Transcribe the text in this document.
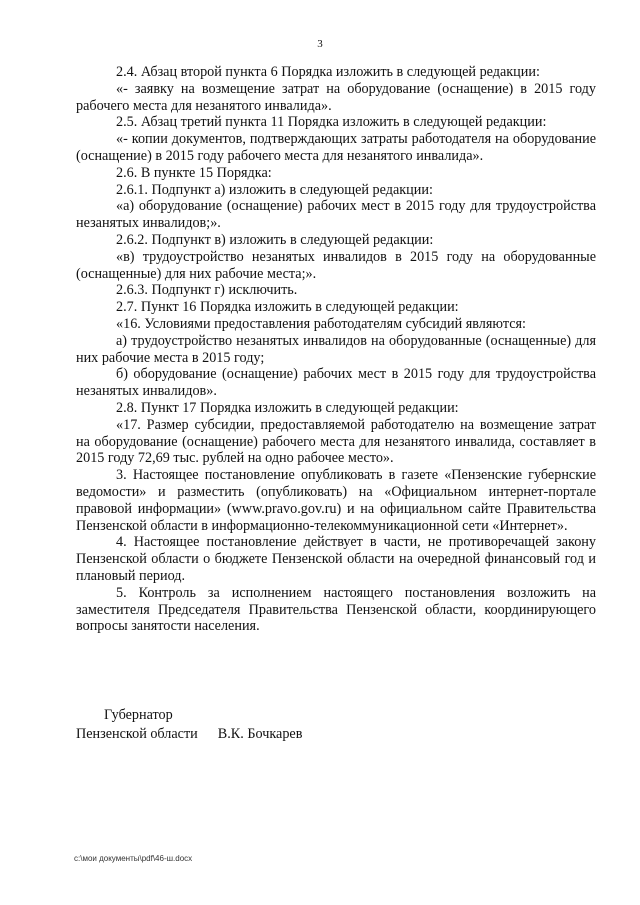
3

2.4. Абзац второй пункта 6 Порядка изложить в следующей редакции:

«- заявку на возмещение затрат на оборудование (оснащение) в 2015 году рабочего места для незанятого инвалида».

2.5. Абзац третий пункта 11 Порядка изложить в следующей редакции:

«- копии документов, подтверждающих затраты работодателя на оборудование (оснащение) в 2015 году рабочего места для незанятого инвалида».

2.6. В пункте 15 Порядка:

2.6.1. Подпункт а) изложить в следующей редакции:

«а) оборудование (оснащение) рабочих мест в 2015 году для трудоустройства незанятых инвалидов;».

2.6.2. Подпункт в) изложить в следующей редакции:

«в) трудоустройство незанятых инвалидов в 2015 году на оборудованные (оснащенные) для них рабочие места;».

2.6.3. Подпункт г) исключить.

2.7. Пункт 16 Порядка изложить в следующей редакции:

«16. Условиями предоставления работодателям субсидий являются:

а) трудоустройство незанятых инвалидов на оборудованные (оснащенные) для них рабочие места в 2015 году;

б) оборудование (оснащение) рабочих мест в 2015 году для трудоустройства незанятых инвалидов».

2.8. Пункт 17 Порядка изложить в следующей редакции:

«17. Размер субсидии, предоставляемой работодателю на возмещение затрат на оборудование (оснащение) рабочего места для незанятого инвалида, составляет в 2015 году 72,69 тыс. рублей на одно рабочее место».

3. Настоящее постановление опубликовать в газете «Пензенские губернские ведомости» и разместить (опубликовать) на «Официальном интернет-портале правовой информации» (www.pravo.gov.ru) и на официальном сайте Правительства Пензенской области в информационно-телекоммуникационной сети «Интернет».

4. Настоящее постановление действует в части, не противоречащей закону Пензенской области о бюджете Пензенской области на очередной финансовый год и плановый период.

5. Контроль за исполнением настоящего постановления возложить на заместителя Председателя Правительства Пензенской области, координирующего вопросы занятости населения.

Губернатор
Пензенской области В.К. Бочкарев
c:\мои документы\pdf\46-ш.docx
